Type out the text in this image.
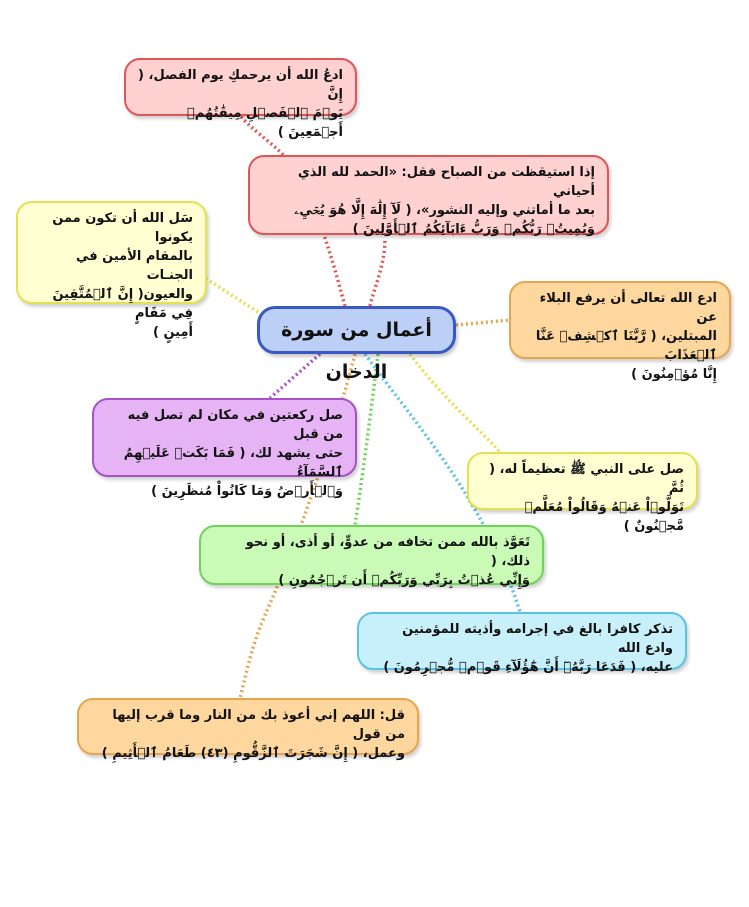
أعمال من سورة الدخان
ادعُ الله أن يرحمكِ يوم الفصل، ( إِنَّ
يَوۡمَ ٱلۡفَصۡلِ مِيقَٰتُهُمۡ أَجۡمَعِينَ )
إذا استيقظت من الصباح فقل: «الحمد لله الذي أحياني
بعد ما أماتني وإليه النشور»، ( لَآ إِلَٰهَ إِلَّا هُوَ يُحۡيِۦ
وَيُمِيتُۖ رَبُّكُمۡ وَرَبُّ ءَابَآئِكُمُ ٱلۡأَوَّلِينَ )
سَل الله أن تكون ممن يكونوا
بالمقام الأمين في الجنـات
والعيون( إِنَّ ٱلۡمُتَّقِينَ فِي مَقَامٍ
أَمِينٍ )
ادع الله تعالى أن يرفع البلاء عن
المبتلين، ( رَّبَّنَا ٱكۡشِفۡ عَنَّا ٱلۡعَذَابَ
إِنَّا مُؤۡمِنُونَ )
صل ركعتين في مكان لم تصل فيه من قبل
حتى يشهد لك، ( فَمَا بَكَتۡ عَلَيۡهِمُ ٱلسَّمَآءُ
وَٱلۡأَرۡضُ وَمَا كَانُواْ مُنظَرِينَ )
صل على النبي ﷺ تعظيماً له، ( ثُمَّ
تَوَلَّوۡاْ عَنۡهُ وَقَالُواْ مُعَلَّمٞ مَّجۡنُونٌ )
تَعَوَّذ بالله ممن تخافه من عدوٍّ، أو أذى، أو نحو ذلك، (
وَإِنِّي عُذۡتُ بِرَبِّي وَرَبِّكُمۡ أَن تَرۡجُمُونِ )
تذكر كافرا بالغ في إجرامه وأذيته للمؤمنين وادع الله
عليه، ( فَدَعَا رَبَّهُۥٓ أَنَّ هَٰٓؤُلَآءِ قَوۡمٞ مُّجۡرِمُونَ )
قل: اللهم إني أعوذ بك من النار وما قرب إليها من قول
وعمل، ( إِنَّ شَجَرَتَ ٱلزَّقُّومِ (٤٣) طَعَامُ ٱلۡأَثِيمِ )
